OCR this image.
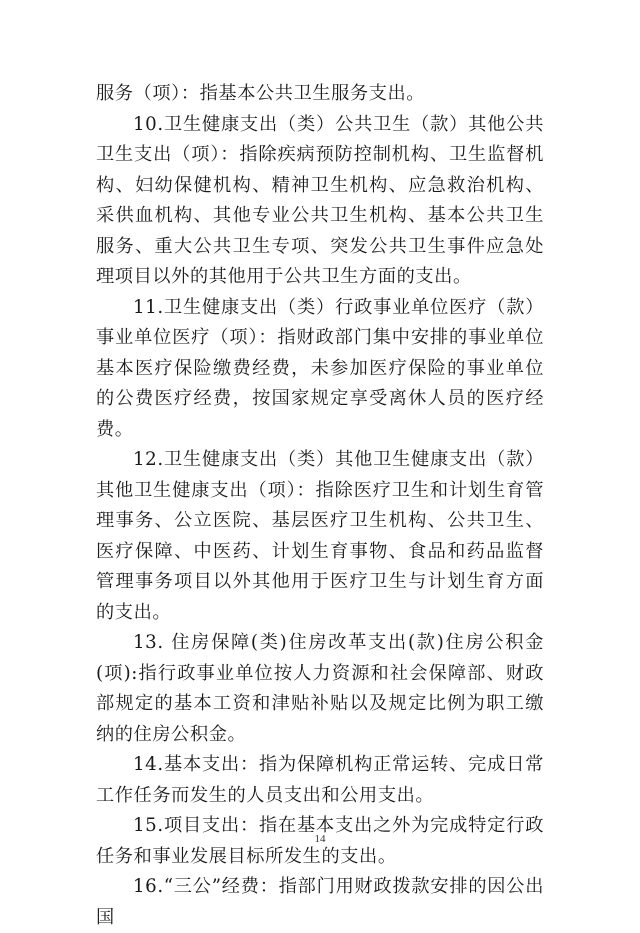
服务（项）：指基本公共卫生服务支出。

10.卫生健康支出（类）公共卫生（款）其他公共卫生支出（项）：指除疾病预防控制机构、卫生监督机构、妇幼保健机构、精神卫生机构、应急救治机构、采供血机构、其他专业公共卫生机构、基本公共卫生服务、重大公共卫生专项、突发公共卫生事件应急处理项目以外的其他用于公共卫生方面的支出。

11.卫生健康支出（类）行政事业单位医疗（款）事业单位医疗（项）：指财政部门集中安排的事业单位基本医疗保险缴费经费，未参加医疗保险的事业单位的公费医疗经费，按国家规定享受离休人员的医疗经费。

12.卫生健康支出（类）其他卫生健康支出（款）其他卫生健康支出（项）：指除医疗卫生和计划生育管理事务、公立医院、基层医疗卫生机构、公共卫生、医疗保障、中医药、计划生育事物、食品和药品监督管理事务项目以外其他用于医疗卫生与计划生育方面的支出。

13. 住房保障(类)住房改革支出(款)住房公积金(项):指行政事业单位按人力资源和社会保障部、财政部规定的基本工资和津贴补贴以及规定比例为职工缴纳的住房公积金。

14.基本支出：指为保障机构正常运转、完成日常工作任务而发生的人员支出和公用支出。

15.项目支出：指在基本支出之外为完成特定行政任务和事业发展目标所发生的支出。

16.“三公”经费：指部门用财政拨款安排的因公出国

14
